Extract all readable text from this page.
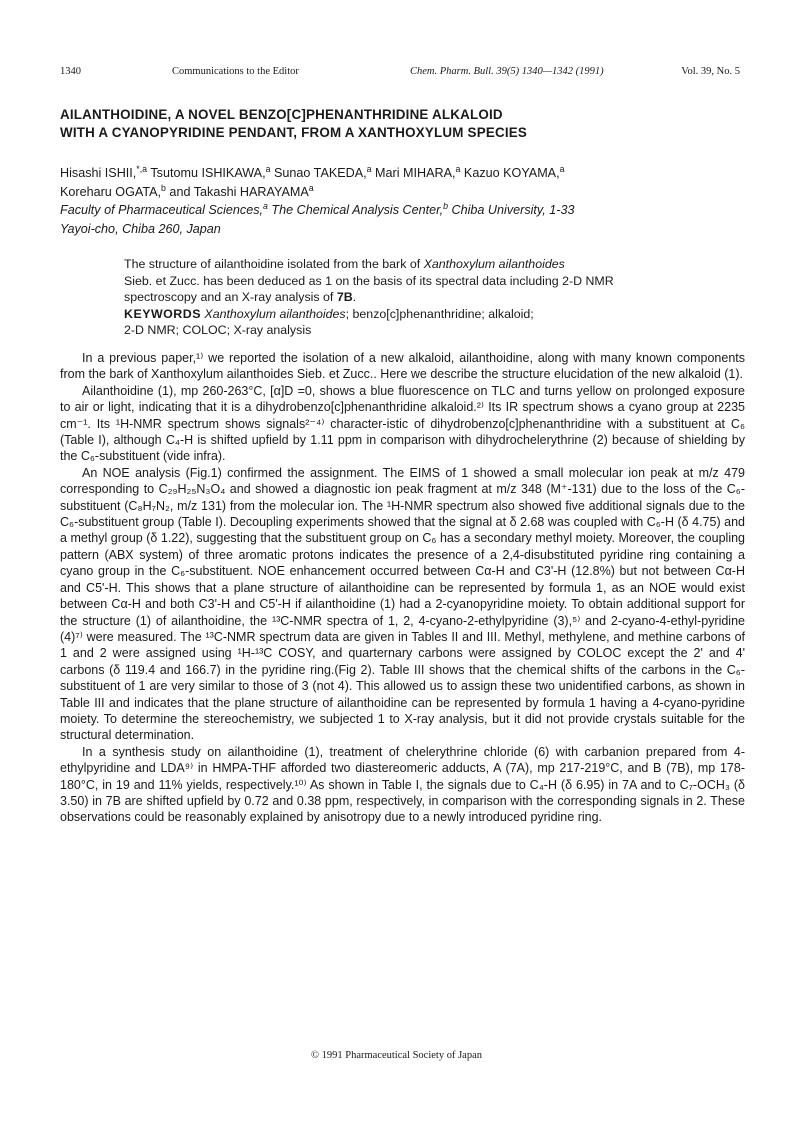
1340	Communications to the Editor	Chem. Pharm. Bull. 39(5) 1340—1342 (1991)	Vol. 39, No. 5
AILANTHOIDINE, A NOVEL BENZO[C]PHENANTHRIDINE ALKALOID
WITH A CYANOPYRIDINE PENDANT, FROM A XANTHOXYLUM SPECIES
Hisashi ISHII,$^{*,a}$ Tsutomu ISHIKAWA,$^a$ Sunao TAKEDA,$^a$ Mari MIHARA,$^a$ Kazuo KOYAMA,$^a$
Koreharu OGATA,$^b$ and Takashi HARAYAMA$^a$
Faculty of Pharmaceutical Sciences,$^a$ The Chemical Analysis Center,$^b$ Chiba University, 1-33
Yayoi-cho, Chiba 260, Japan
The structure of ailanthoidine isolated from the bark of Xanthoxylum ailanthoides
Sieb. et Zucc. has been deduced as 1 on the basis of its spectral data including 2-D NMR
spectroscopy and an X-ray analysis of 7B.
KEYWORDS Xanthoxylum ailanthoides; benzo[c]phenanthridine; alkaloid;
2-D NMR; COLOC; X-ray analysis

In a previous paper,¹⁾ we reported the isolation of a new alkaloid, ailanthoidine, along with many known components from the bark of Xanthoxylum ailanthoides Sieb. et Zucc.. Here we describe the structure elucidation of the new alkaloid (1).

Ailanthoidine (1), mp 260-263°C, [α]D =0, shows a blue fluorescence on TLC and turns yellow on prolonged exposure to air or light, indicating that it is a dihydrobenzo[c]phenanthridine alkaloid.²⁾ Its IR spectrum shows a cyano group at 2235 cm⁻¹. Its ¹H-NMR spectrum shows signals²⁻⁴⁾ character-istic of dihydrobenzo[c]phenanthridine with a substituent at C₆ (Table I), although C₄-H is shifted upfield by 1.11 ppm in comparison with dihydrochelerythrine (2) because of shielding by the C₆-substituent (vide infra).

An NOE analysis (Fig.1) confirmed the assignment. The EIMS of 1 showed a small molecular ion peak at m/z 479 corresponding to C₂₉H₂₅N₃O₄ and showed a diagnostic ion peak fragment at m/z 348 (M⁺-131) due to the loss of the C₆-substituent (C₈H₇N₂, m/z 131) from the molecular ion. The ¹H-NMR spectrum also showed five additional signals due to the C₆-substituent group (Table I). Decoupling experiments showed that the signal at δ 2.68 was coupled with C₆-H (δ 4.75) and a methyl group (δ 1.22), suggesting that the substituent group on C₆ has a secondary methyl moiety. Moreover, the coupling pattern (ABX system) of three aromatic protons indicates the presence of a 2,4-disubstituted pyridine ring containing a cyano group in the C₆-substituent. NOE enhancement occurred between Cα-H and C3'-H (12.8%) but not between Cα-H and C5'-H. This shows that a plane structure of ailanthoidine can be represented by formula 1, as an NOE would exist between Cα-H and both C3'-H and C5'-H if ailanthoidine (1) had a 2-cyanopyridine moiety. To obtain additional support for the structure (1) of ailanthoidine, the ¹³C-NMR spectra of 1, 2, 4-cyano-2-ethylpyridine (3),⁵⁾ and 2-cyano-4-ethyl-pyridine (4)⁷⁾ were measured. The ¹³C-NMR spectrum data are given in Tables II and III. Methyl, methylene, and methine carbons of 1 and 2 were assigned using ¹H-¹³C COSY, and quarternary carbons were assigned by COLOC except the 2' and 4' carbons (δ 119.4 and 166.7) in the pyridine ring.(Fig 2). Table III shows that the chemical shifts of the carbons in the C₆-substituent of 1 are very similar to those of 3 (not 4). This allowed us to assign these two unidentified carbons, as shown in Table III and indicates that the plane structure of ailanthoidine can be represented by formula 1 having a 4-cyano-pyridine moiety. To determine the stereochemistry, we subjected 1 to X-ray analysis, but it did not provide crystals suitable for the structural determination.

In a synthesis study on ailanthoidine (1), treatment of chelerythrine chloride (6) with carbanion prepared from 4-ethylpyridine and LDA⁹⁾ in HMPA-THF afforded two diastereomeric adducts, A (7A), mp 217-219°C, and B (7B), mp 178-180°C, in 19 and 11% yields, respectively.¹⁰⁾ As shown in Table I, the signals due to C₄-H (δ 6.95) in 7A and to C₇-OCH₃ (δ 3.50) in 7B are shifted upfield by 0.72 and 0.38 ppm, respectively, in comparison with the corresponding signals in 2. These observations could be reasonably explained by anisotropy due to a newly introduced pyridine ring.

© 1991 Pharmaceutical Society of Japan
